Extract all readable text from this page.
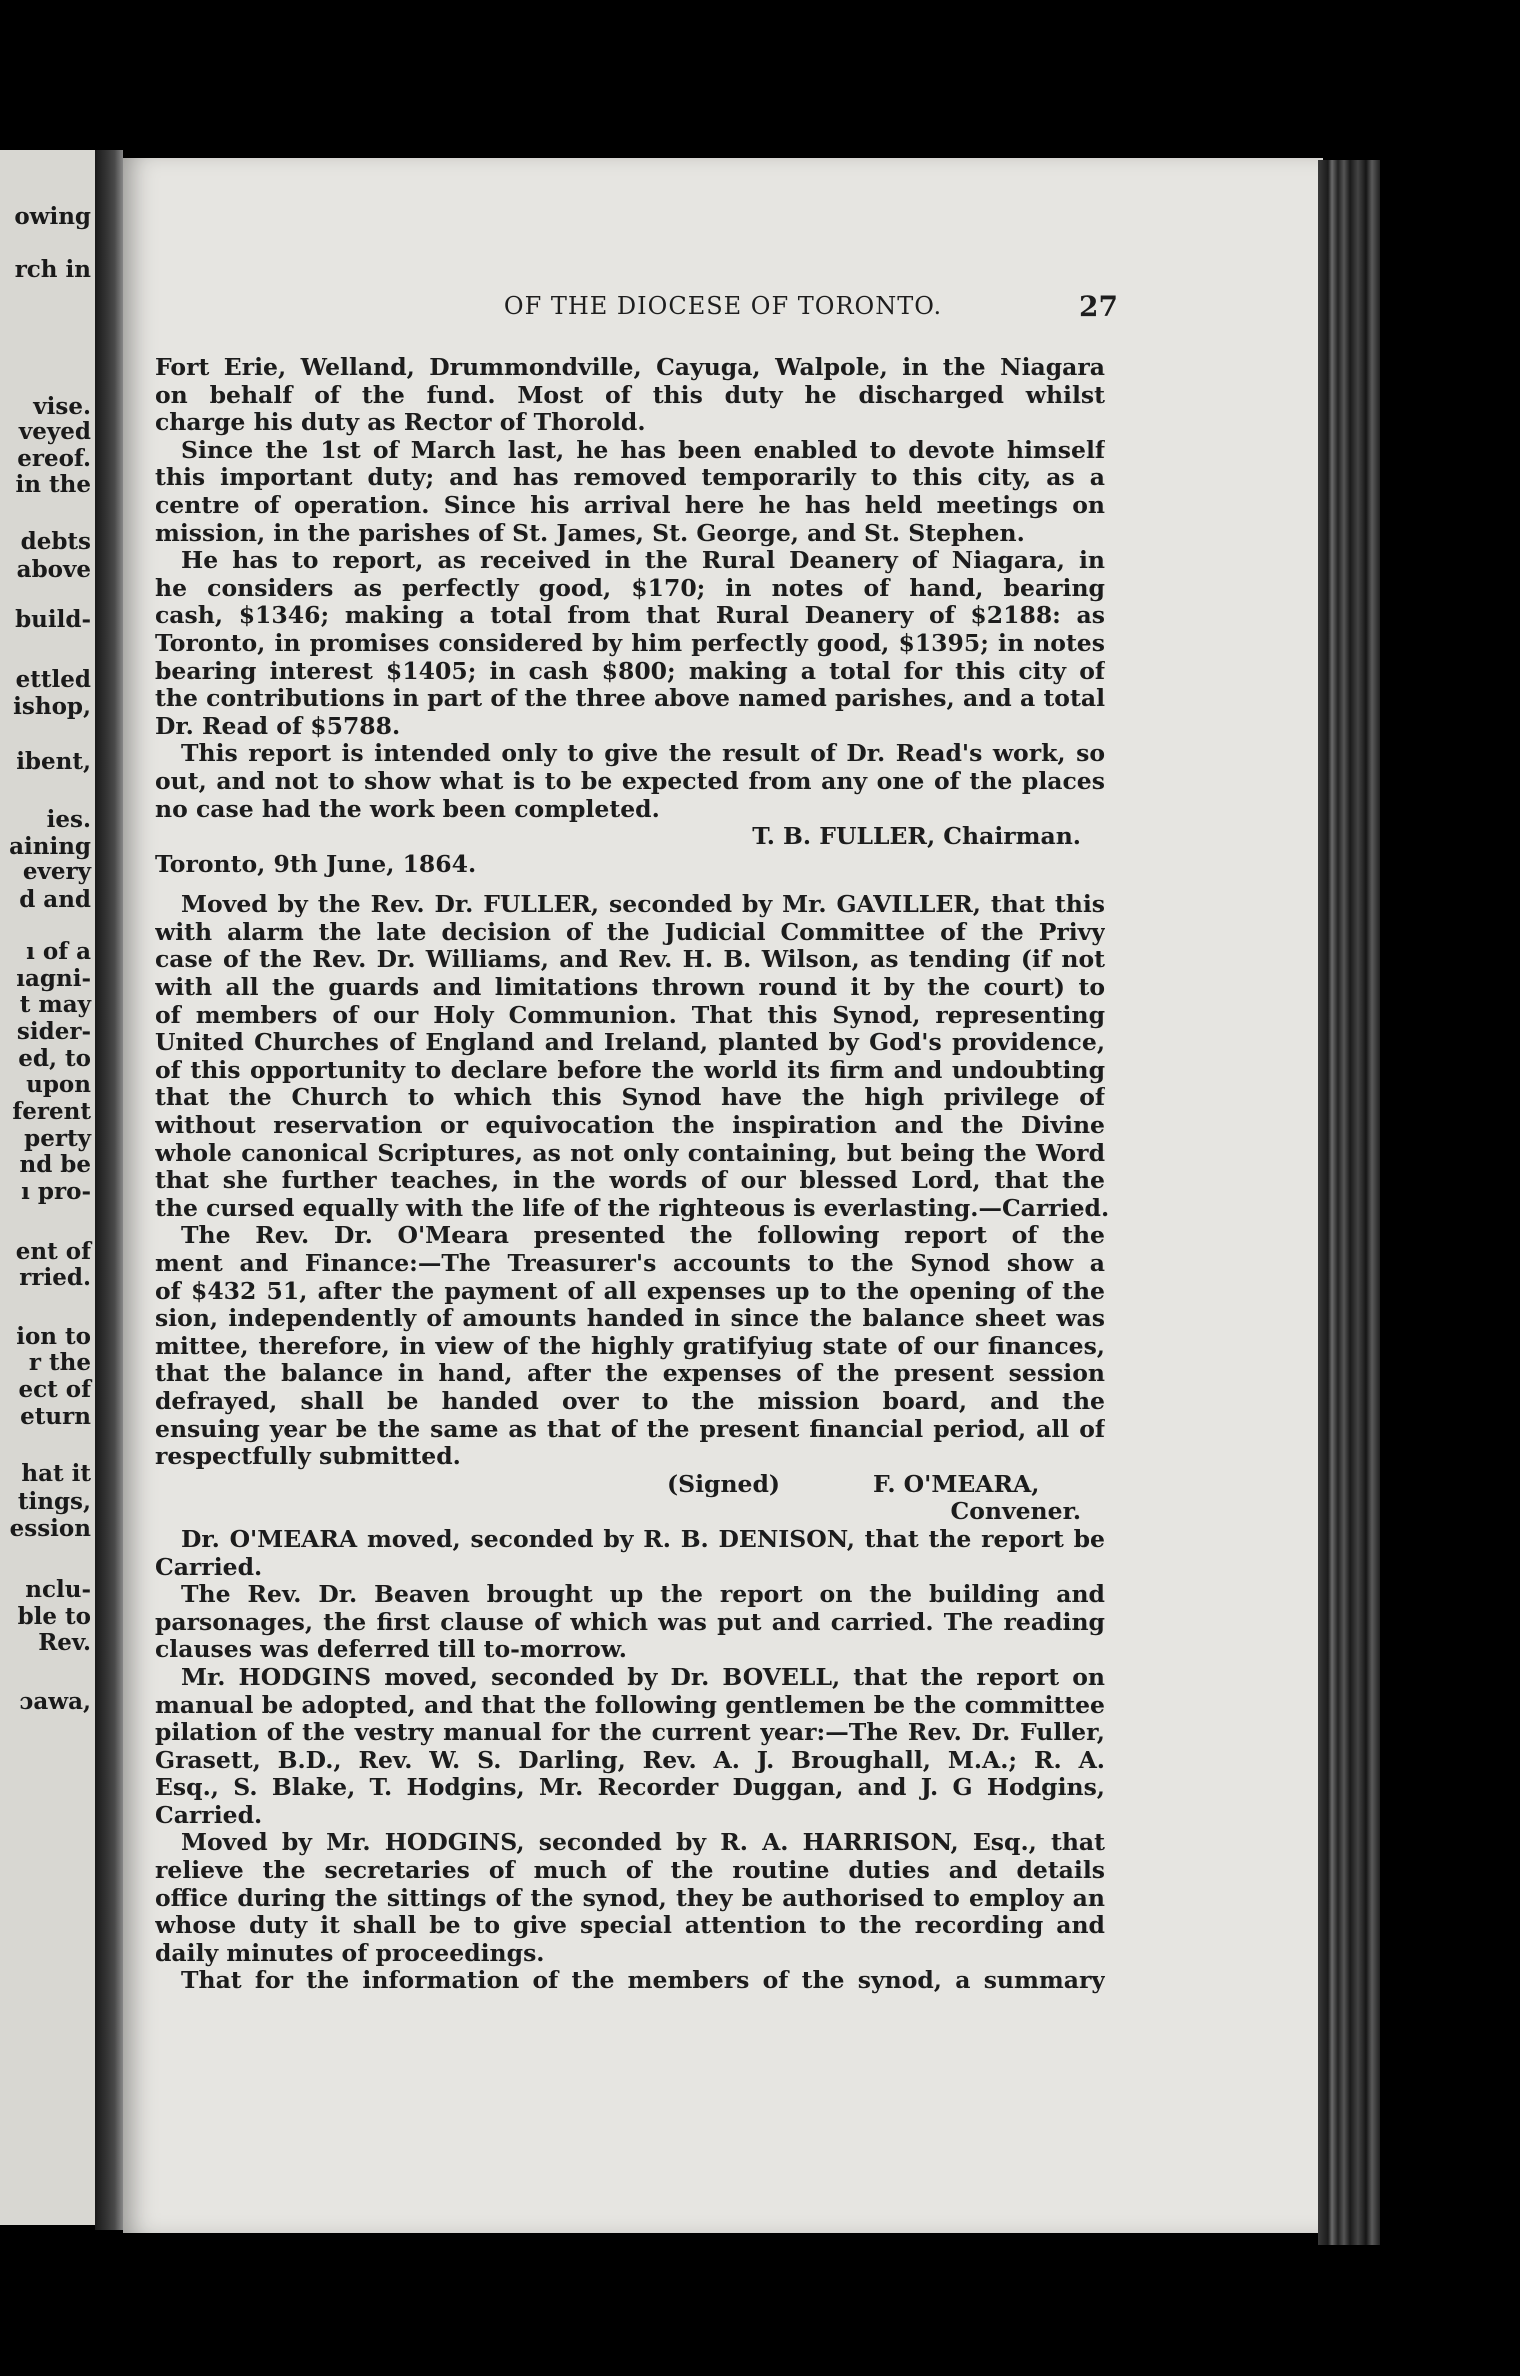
owing
rch in
vise.
veyed
ereof.
in the
debts
above
build-
ettled
ishop,
ibent,
ies.
aining
every
d and
ı of a
ıagni-
t may
sider-
ed, to
upon
ferent
perty
nd be
ı pro-
ent of
rried.
ion to
r the
ect of
eturn
hat it
tings,
ession
nclu-
ble to
Rev.
ɔawa,
OF THE DIOCESE OF TORONTO.	27
Fort Erie, Welland, Drummondville, Cayuga, Walpole, in the Niagara
on behalf of the fund. Most of this duty he discharged whilst
charge his duty as Rector of Thorold.
Since the 1st of March last, he has been enabled to devote himself
this important duty; and has removed temporarily to this city, as a
centre of operation. Since his arrival here he has held meetings on
mission, in the parishes of St. James, St. George, and St. Stephen.
He has to report, as received in the Rural Deanery of Niagara, in
he considers as perfectly good, $170; in notes of hand, bearing
cash, $1346; making a total from that Rural Deanery of $2188: as
Toronto, in promises considered by him perfectly good, $1395; in notes
bearing interest $1405; in cash $800; making a total for this city of
the contributions in part of the three above named parishes, and a total
Dr. Read of $5788.
This report is intended only to give the result of Dr. Read's work, so
out, and not to show what is to be expected from any one of the places
no case had the work been completed.
T. B. FULLER, Chairman.
Toronto, 9th June, 1864.
Moved by the Rev. Dr. FULLER, seconded by Mr. GAVILLER, that this
with alarm the late decision of the Judicial Committee of the Privy
case of the Rev. Dr. Williams, and Rev. H. B. Wilson, as tending (if not
with all the guards and limitations thrown round it by the court) to
of members of our Holy Communion. That this Synod, representing
United Churches of England and Ireland, planted by God's providence,
of this opportunity to declare before the world its firm and undoubting
that the Church to which this Synod have the high privilege of
without reservation or equivocation the inspiration and the Divine
whole canonical Scriptures, as not only containing, but being the Word
that she further teaches, in the words of our blessed Lord, that the
the cursed equally with the life of the righteous is everlasting.—Carried.
The Rev. Dr. O'Meara presented the following report of the
ment and Finance:—The Treasurer's accounts to the Synod show a
of $432 51, after the payment of all expenses up to the opening of the
sion, independently of amounts handed in since the balance sheet was
mittee, therefore, in view of the highly gratifyiug state of our finances,
that the balance in hand, after the expenses of the present session
defrayed, shall be handed over to the mission board, and the
ensuing year be the same as that of the present financial period, all of
respectfully submitted.
(Signed)	F. O'MEARA,
Convener.
Dr. O'MEARA moved, seconded by R. B. DENISON, that the report be
Carried.
The Rev. Dr. Beaven brought up the report on the building and
parsonages, the first clause of which was put and carried. The reading
clauses was deferred till to-morrow.
Mr. HODGINS moved, seconded by Dr. BOVELL, that the report on
manual be adopted, and that the following gentlemen be the committee
pilation of the vestry manual for the current year:—The Rev. Dr. Fuller,
Grasett, B.D., Rev. W. S. Darling, Rev. A. J. Broughall, M.A.; R. A.
Esq., S. Blake, T. Hodgins, Mr. Recorder Duggan, and J. G Hodgins,
Carried.
Moved by Mr. HODGINS, seconded by R. A. HARRISON, Esq., that
relieve the secretaries of much of the routine duties and details
office during the sittings of the synod, they be authorised to employ an
whose duty it shall be to give special attention to the recording and
daily minutes of proceedings.
That for the information of the members of the synod, a summary
